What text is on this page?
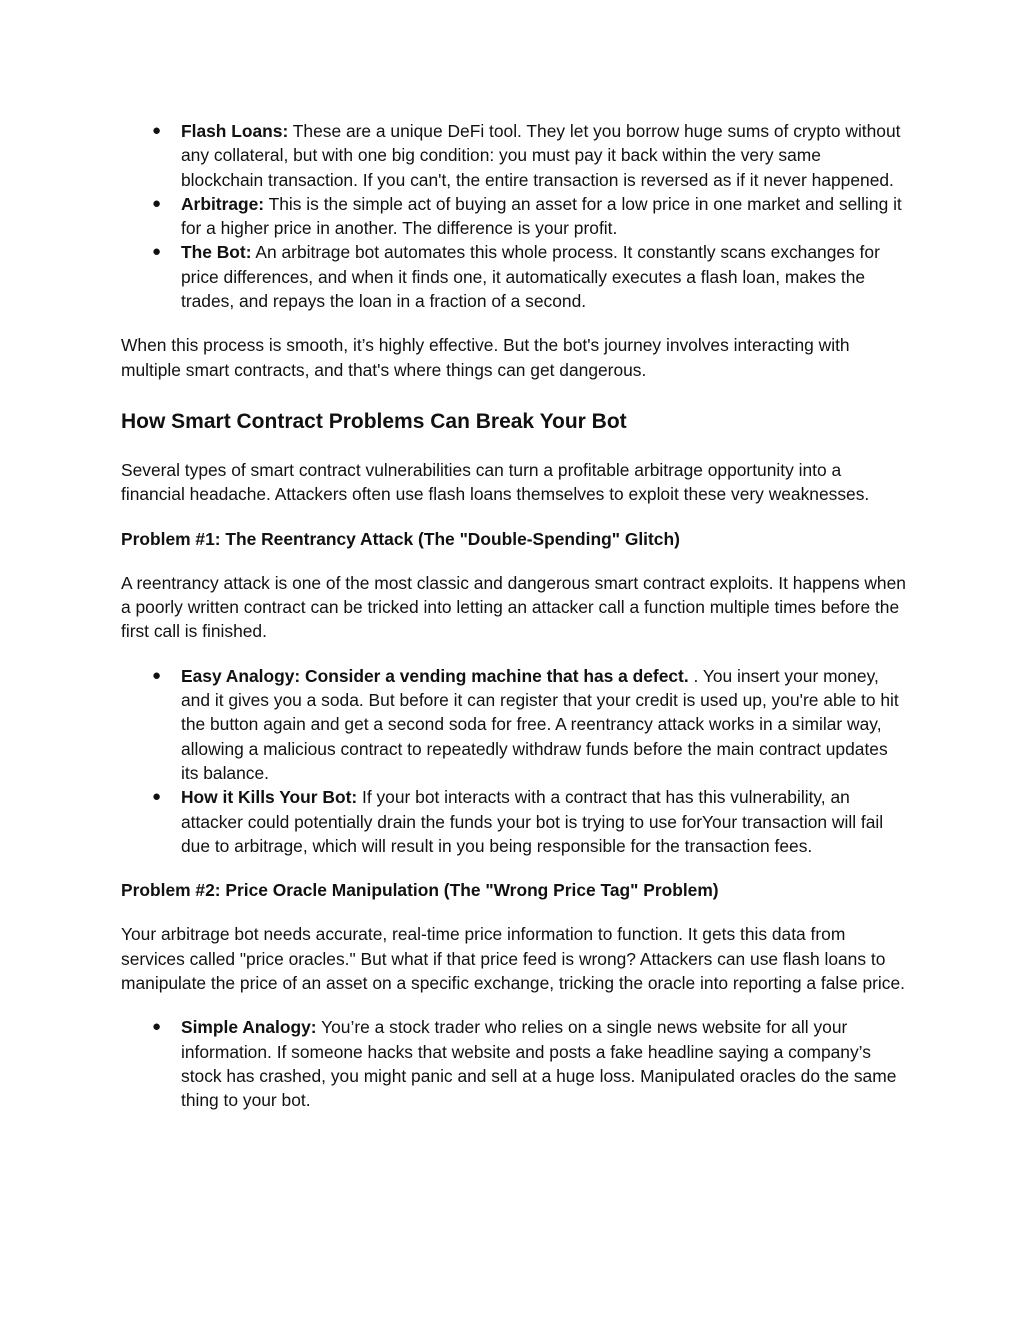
● Flash Loans: These are a unique DeFi tool. They let you borrow huge sums of crypto without any collateral, but with one big condition: you must pay it back within the very same blockchain transaction. If you can't, the entire transaction is reversed as if it never happened.
● Arbitrage: This is the simple act of buying an asset for a low price in one market and selling it for a higher price in another. The difference is your profit.
● The Bot: An arbitrage bot automates this whole process. It constantly scans exchanges for price differences, and when it finds one, it automatically executes a flash loan, makes the trades, and repays the loan in a fraction of a second.

When this process is smooth, it’s highly effective. But the bot's journey involves interacting with multiple smart contracts, and that's where things can get dangerous.

How Smart Contract Problems Can Break Your Bot

Several types of smart contract vulnerabilities can turn a profitable arbitrage opportunity into a financial headache. Attackers often use flash loans themselves to exploit these very weaknesses.

Problem #1: The Reentrancy Attack (The "Double-Spending" Glitch)

A reentrancy attack is one of the most classic and dangerous smart contract exploits. It happens when a poorly written contract can be tricked into letting an attacker call a function multiple times before the first call is finished.

● Easy Analogy: Consider a vending machine that has a defect. . You insert your money, and it gives you a soda. But before it can register that your credit is used up, you're able to hit the button again and get a second soda for free. A reentrancy attack works in a similar way, allowing a malicious contract to repeatedly withdraw funds before the main contract updates its balance.
● How it Kills Your Bot: If your bot interacts with a contract that has this vulnerability, an attacker could potentially drain the funds your bot is trying to use forYour transaction will fail due to arbitrage, which will result in you being responsible for the transaction fees.
Problem #2: Price Oracle Manipulation (The "Wrong Price Tag" Problem)

Your arbitrage bot needs accurate, real-time price information to function. It gets this data from services called "price oracles." But what if that price feed is wrong? Attackers can use flash loans to manipulate the price of an asset on a specific exchange, tricking the oracle into reporting a false price.

● Simple Analogy: You’re a stock trader who relies on a single news website for all your information. If someone hacks that website and posts a fake headline saying a company’s stock has crashed, you might panic and sell at a huge loss. Manipulated oracles do the same thing to your bot.
